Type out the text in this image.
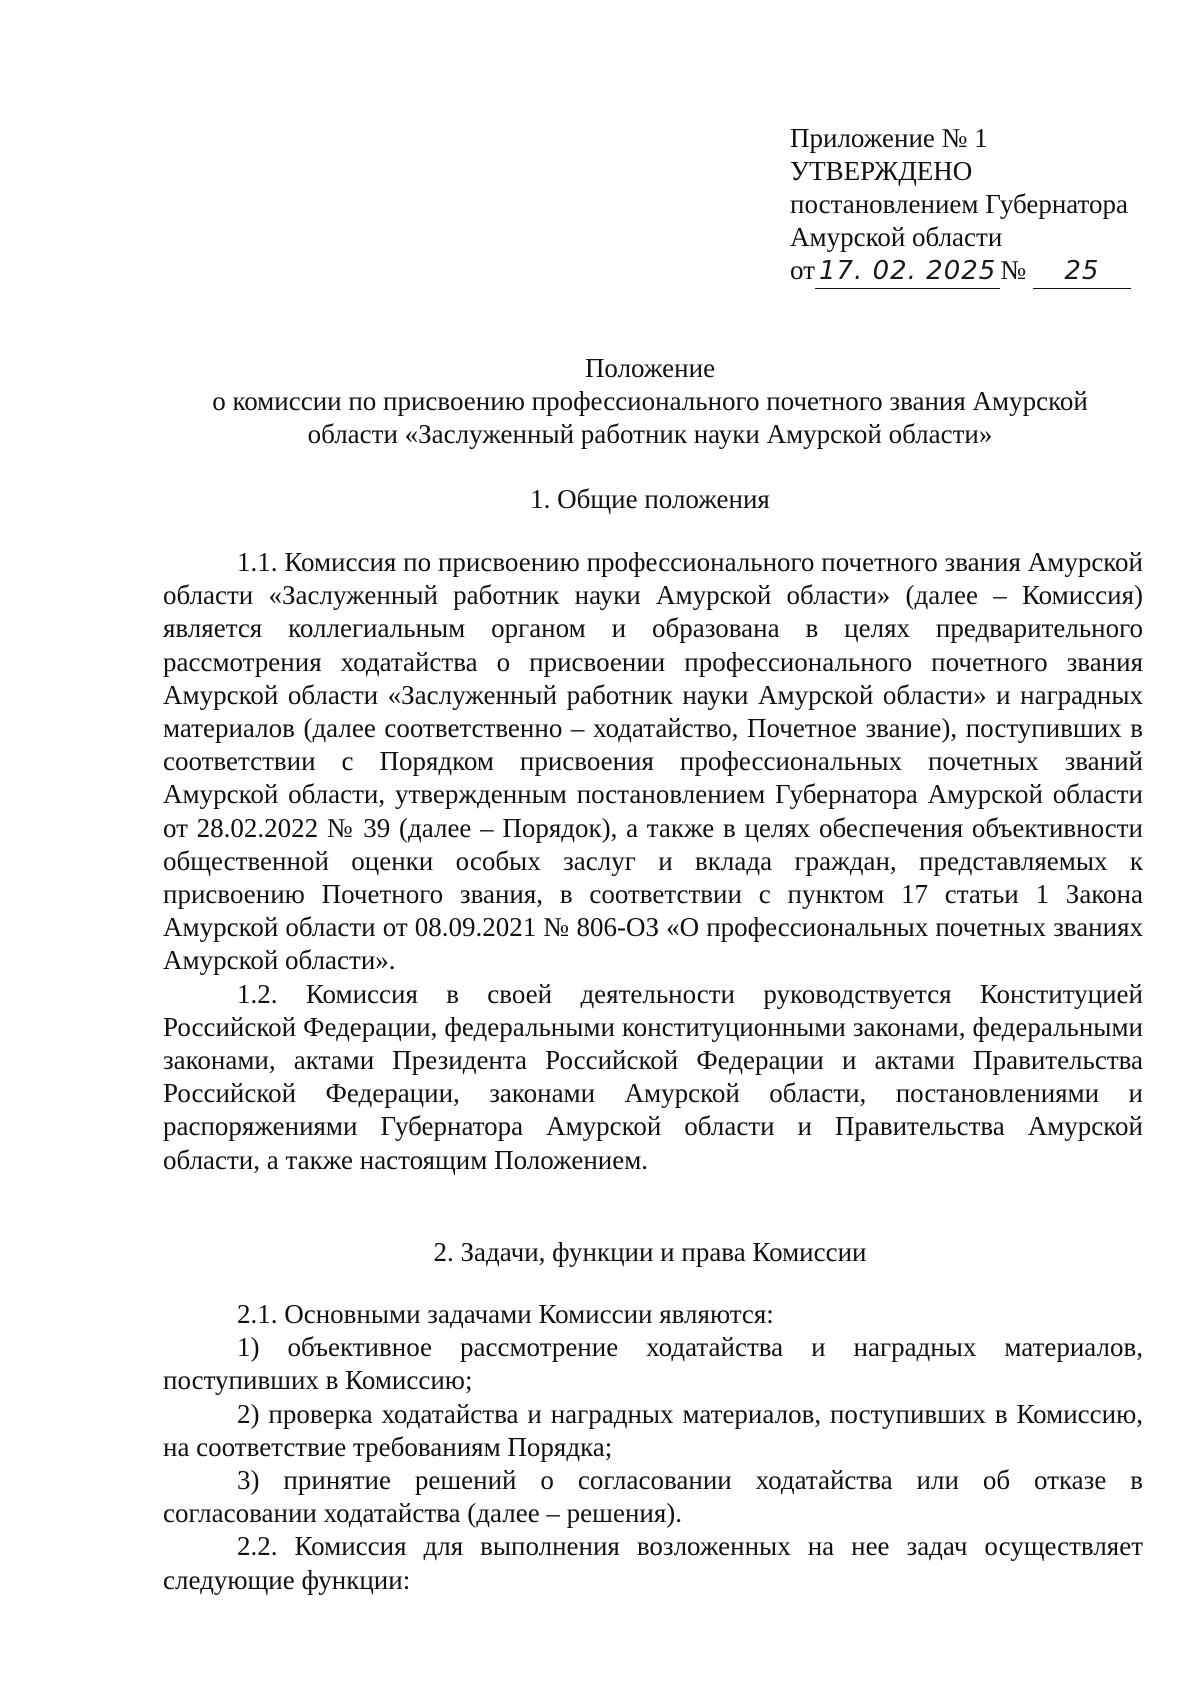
Приложение № 1
УТВЕРЖДЕНО
постановлением Губернатора
Амурской области
от 17. 02. 2025 № 25
Положение
о комиссии по присвоению профессионального почетного звания Амурской
области «Заслуженный работник науки Амурской области»
1. Общие положения

1.1. Комиссия по присвоению профессионального почетного звания Амурской области «Заслуженный работник науки Амурской области» (далее – Комиссия) является коллегиальным органом и образована в целях предварительного рассмотрения ходатайства о присвоении профессионального почетного звания Амурской области «Заслуженный работник науки Амурской области» и наградных материалов (далее соответственно – ходатайство, Почетное звание), поступивших в соответствии с Порядком присвоения профессиональных почетных званий Амурской области, утвержденным постановлением Губернатора Амурской области от 28.02.2022 № 39 (далее – Порядок), а также в целях обеспечения объективности общественной оценки особых заслуг и вклада граждан, представляемых к присвоению Почетного звания, в соответствии с пунктом 17 статьи 1 Закона Амурской области от 08.09.2021 № 806-ОЗ «О профессиональных почетных званиях Амурской области».

1.2. Комиссия в своей деятельности руководствуется Конституцией Российской Федерации, федеральными конституционными законами, федеральными законами, актами Президента Российской Федерации и актами Правительства Российской Федерации, законами Амурской области, постановлениями и распоряжениями Губернатора Амурской области и Правительства Амурской области, а также настоящим Положением.

2. Задачи, функции и права Комиссии

2.1. Основными задачами Комиссии являются:

1) объективное рассмотрение ходатайства и наградных материалов, поступивших в Комиссию;

2) проверка ходатайства и наградных материалов, поступивших в Комиссию, на соответствие требованиям Порядка;

3) принятие решений о согласовании ходатайства или об отказе в согласовании ходатайства (далее – решения).

2.2. Комиссия для выполнения возложенных на нее задач осуществляет следующие функции:
